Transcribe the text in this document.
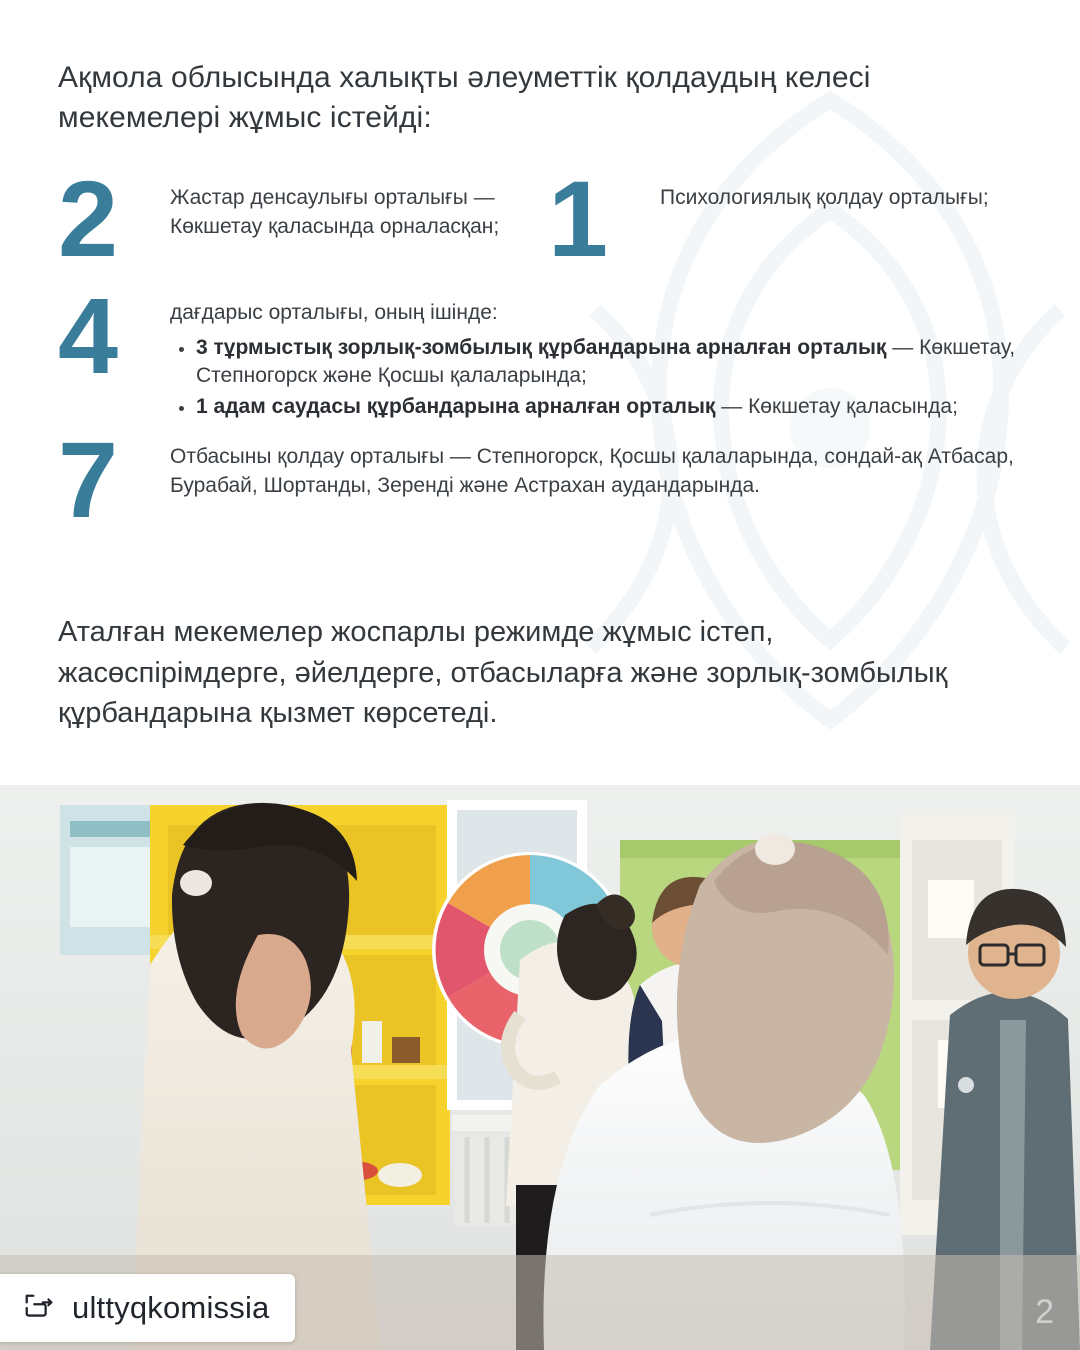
Ақмола облысында халықты әлеуметтік қолдаудың келесі мекемелері жұмыс істейді:
2	Жастар денсаулығы орталығы — Көкшетау қаласында орналасқан; 1	Психологиялық қолдау орталығы;
4	дағдарыс орталығы, оның ішінде:
• 3 тұрмыстық зорлық-зомбылық құрбандарына арналған орталық — Көкшетау, Степногорск және Қосшы қалаларында;
• 1 адам саудасы құрбандарына арналған орталық — Көкшетау қаласында;
7	Отбасыны қолдау орталығы — Степногорск, Қосшы қалаларында, сондай-ақ Атбасар, Бурабай, Шортанды, Зеренді және Астрахан аудандарында.
Аталған мекемелер жоспарлы режимде жұмыс істеп, жасөспірімдерге, әйелдерге, отбасыларға және зорлық-зомбылық құрбандарына қызмет көрсетеді.
ulttyqkomissia	2
